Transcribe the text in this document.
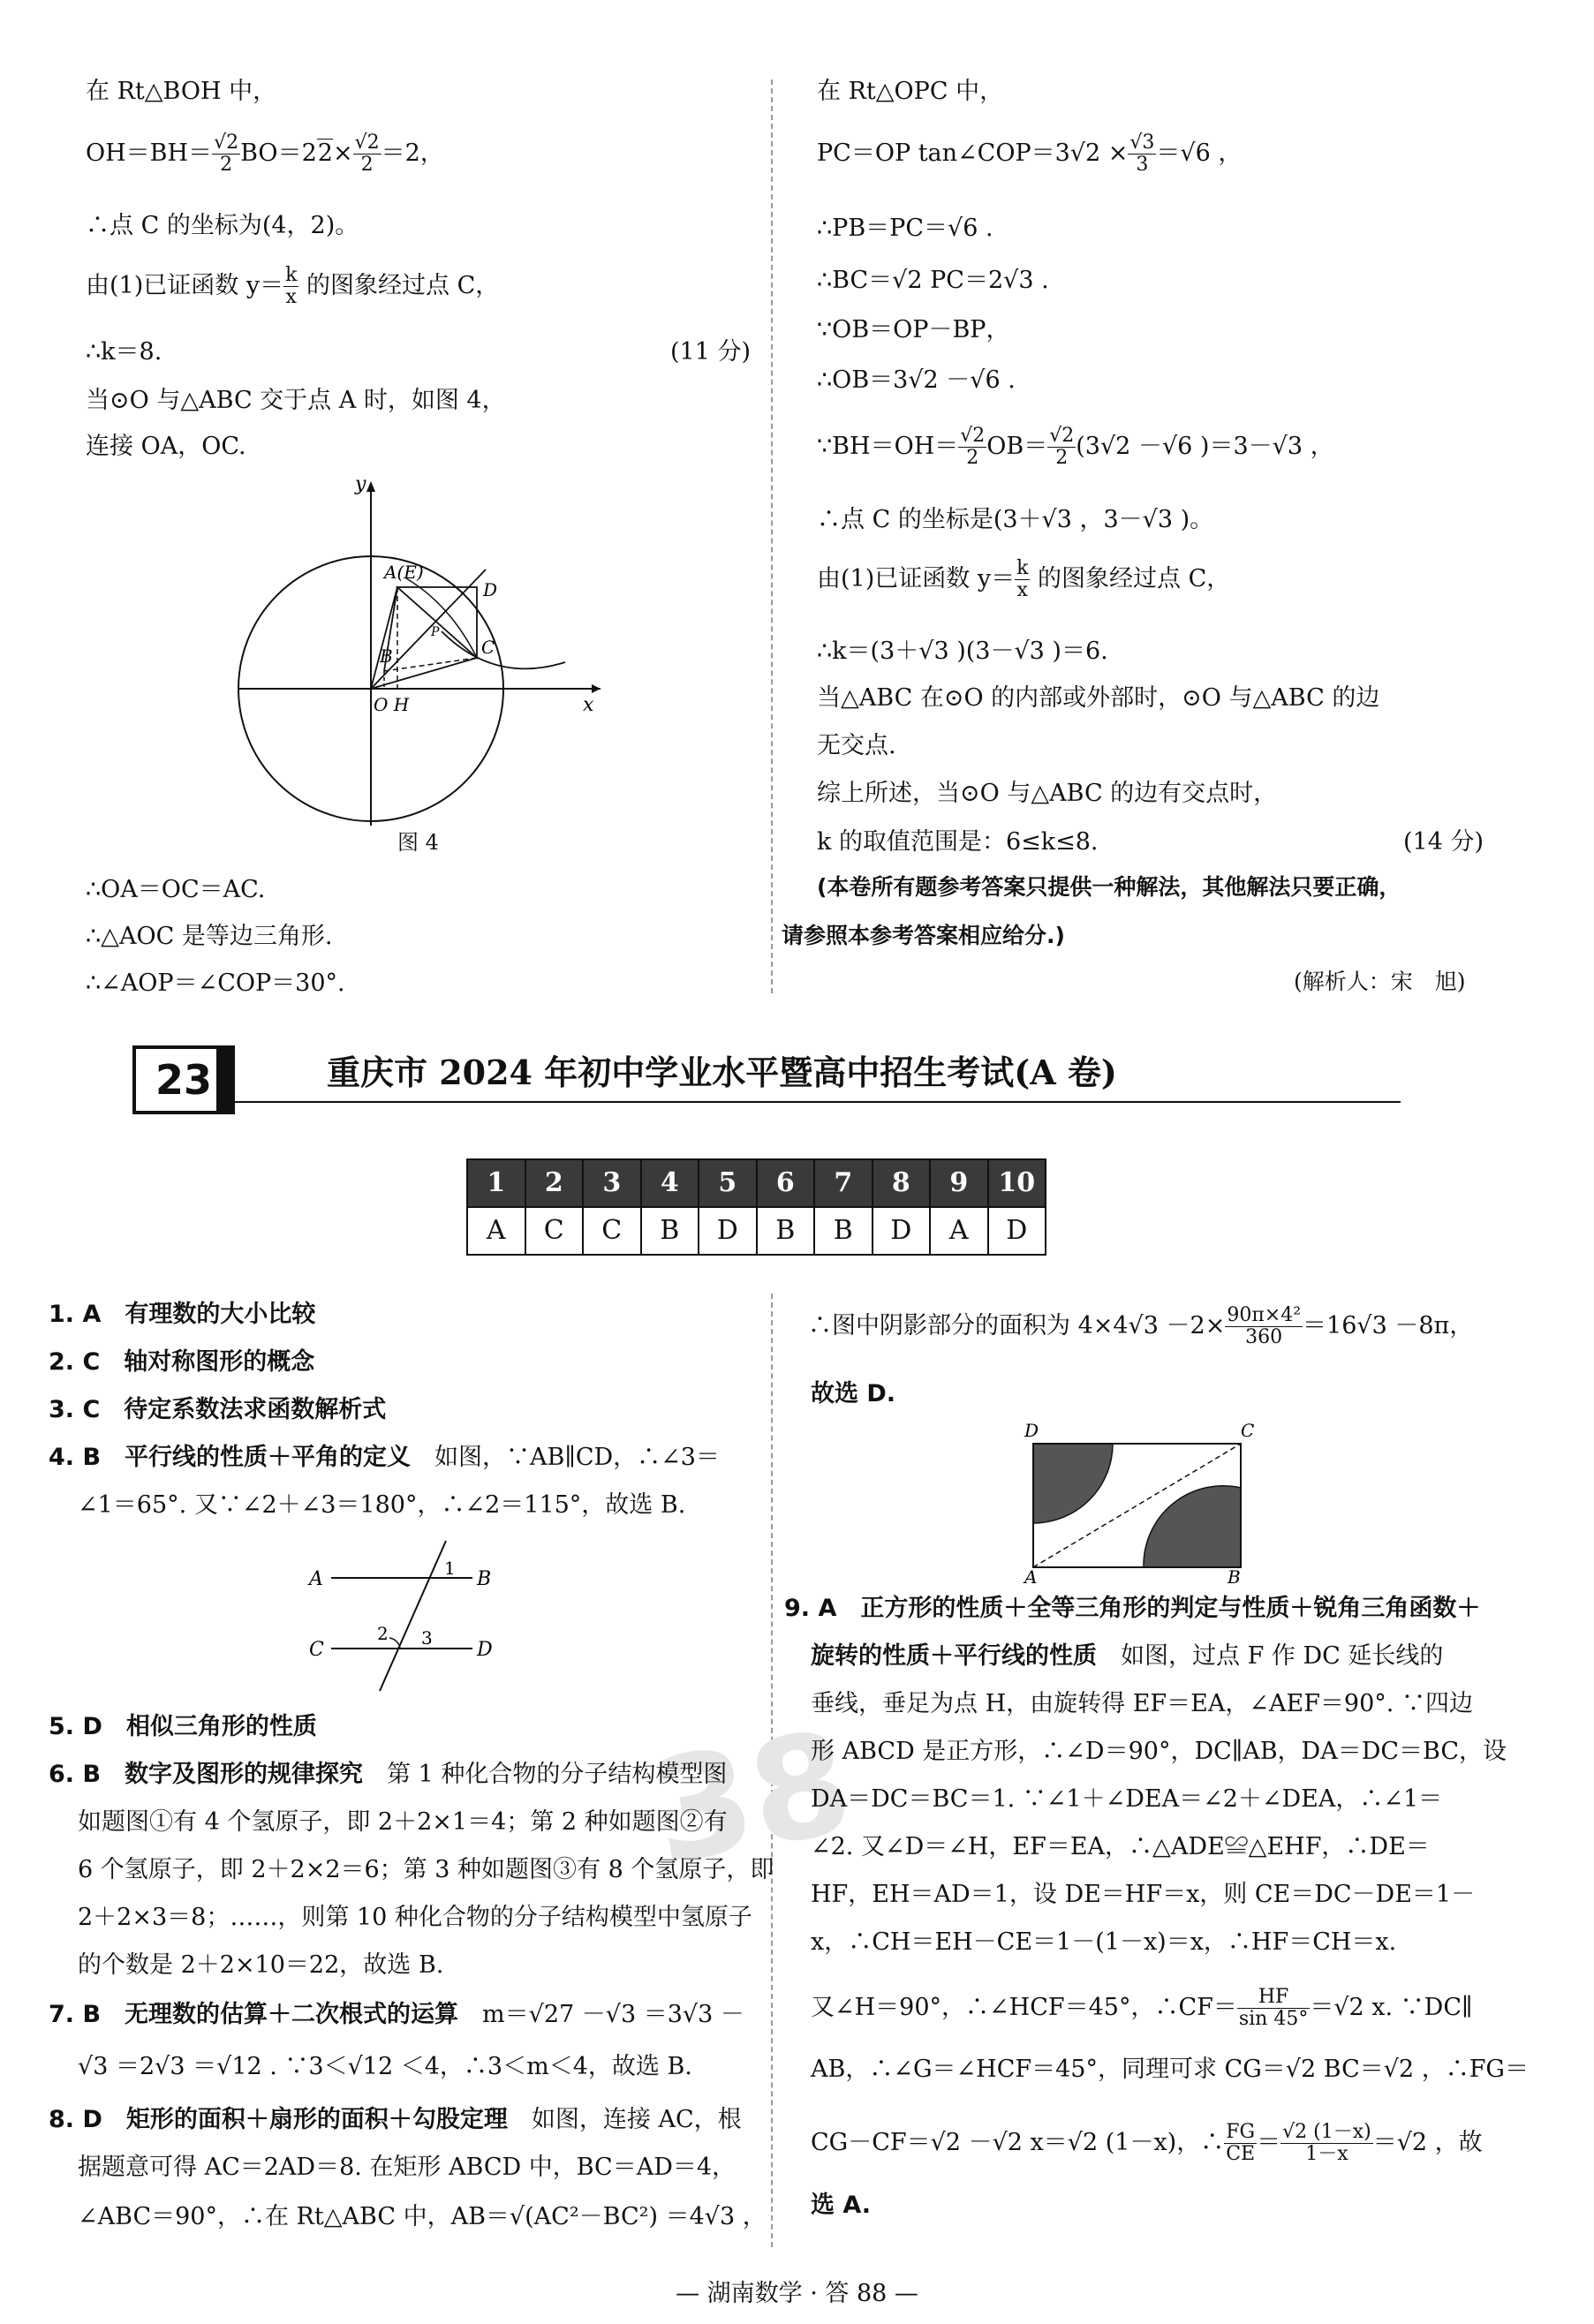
在 Rt△BOH 中，
$OH=BH= \frac{√2}{2} BO=22\times \frac{√2}{2} =2$，
∴点 C 的坐标为(4，2)。
由(1)已证函数 $y= \frac{k}{x}$ 的图象经过点 C，
∴k＝8.	(11 分)
当⊙O 与△ABC 交于点 A 时，如图 4，
连接 OA，OC.
y
x
A(E)
D
B
P
C
O H
图 4
∴OA＝OC＝AC.
∴△AOC 是等边三角形.
∴∠AOP＝∠COP＝30°.
在 Rt△OPC 中，
PC＝OP tan∠COP＝3√2 × $\frac{√3}{3} =√6$ ，
∴PB＝PC＝√6 .
∴BC＝√2 PC＝2√3 .
∵OB＝OP－BP，
∴OB＝3√2 －√6 .
∵BH＝OH＝ $\frac{√2}{2} OB= \frac{√2}{2} (3√2 -√6$ )＝3－√3 ，
∴点 C 的坐标是(3＋√3 ，3－√3 )。
由(1)已证函数 $y= \frac{k}{x}$ 的图象经过点 C，
∴k＝(3＋√3 )(3－√3 )＝6.
当△ABC 在⊙O 的内部或外部时，⊙O 与△ABC 的边
无交点.
综上所述，当⊙O 与△ABC 的边有交点时，
k 的取值范围是：6≤k≤8.	(14 分)
(本卷所有题参考答案只提供一种解法，其他解法只要正确，
请参照本参考答案相应给分.)
(解析人：宋　旭)
23	重庆市 2024 年初中学业水平暨高中招生考试(A 卷)
1	2	3	4	5	6	7	8	9	10
A	C	C	B	D	B	B	D	A	D
38
1. A　 有理数的大小比较
2. C　 轴对称图形的概念
3. C　 待定系数法求函数解析式
4. B　 平行线的性质＋平角的定义　 如图，∵AB∥CD，∴∠3＝
∠1＝65°. 又∵∠2＋∠3＝180°，∴∠2＝115°，故选 B.
A	B
C	D
1
2 3
5. D　 相似三角形的性质
6. B　 数字及图形的规律探究　 第 1 种化合物的分子结构模型图
如题图①有 4 个氢原子，即 2＋2×1＝4；第 2 种如题图②有
6 个氢原子，即 2＋2×2＝6；第 3 种如题图③有 8 个氢原子，即
2＋2×3＝8；……，则第 10 种化合物的分子结构模型中氢原子
的个数是 2＋2×10＝22，故选 B.
7. B　 无理数的估算＋二次根式的运算　 m＝√27 －√3 ＝3√3 －
√3 ＝2√3 ＝√12 . ∵3＜√12 ＜4，∴3＜m＜4，故选 B.
8. D　 矩形的面积＋扇形的面积＋勾股定理　 如图，连接 AC，根
据题意可得 AC＝2AD＝8. 在矩形 ABCD 中，BC＝AD＝4，
∠ABC＝90°，∴在 Rt△ABC 中，AB＝√(AC²－BC²) ＝4√3 ，
∴图中阴影部分的面积为 $4\times 4√3 -2\times \frac{\text{90π×4²}}{360} =16√3 -8\pi$，
故选 D.
D	C
A	B
9. A　 正方形的性质＋全等三角形的判定与性质＋锐角三角函数＋
旋转的性质＋平行线的性质　 如图，过点 F 作 DC 延长线的
垂线，垂足为点 H，由旋转得 EF＝EA，∠AEF＝90°. ∵四边
形 ABCD 是正方形，∴∠D＝90°，DC∥AB，DA＝DC＝BC，设
DA＝DC＝BC＝1. ∵∠1＋∠DEA＝∠2＋∠DEA，∴∠1＝
∠2. 又∠D＝∠H，EF＝EA，∴△ADE≌△EHF，∴DE＝
HF，EH＝AD＝1，设 DE＝HF＝x，则 CE＝DC－DE＝1－
x，∴CH＝EH－CE＝1－(1－x)＝x，∴HF＝CH＝x.
又∠H＝90°，∴∠HCF＝45°，∴CF＝ $\frac{HF}{\sin 45^\circ} =√2$ x. ∵DC∥
AB，∴∠G＝∠HCF＝45°，同理可求 CG＝√2 BC＝√2 ，∴FG＝
CG－CF＝√2 －√2 x＝√2 (1－x)，∴ $\frac{FG}{CE} = \frac{√2 (1-x)}{1-x} =√2$ ，故
选 A.
— 湖南数学 · 答 88 —
